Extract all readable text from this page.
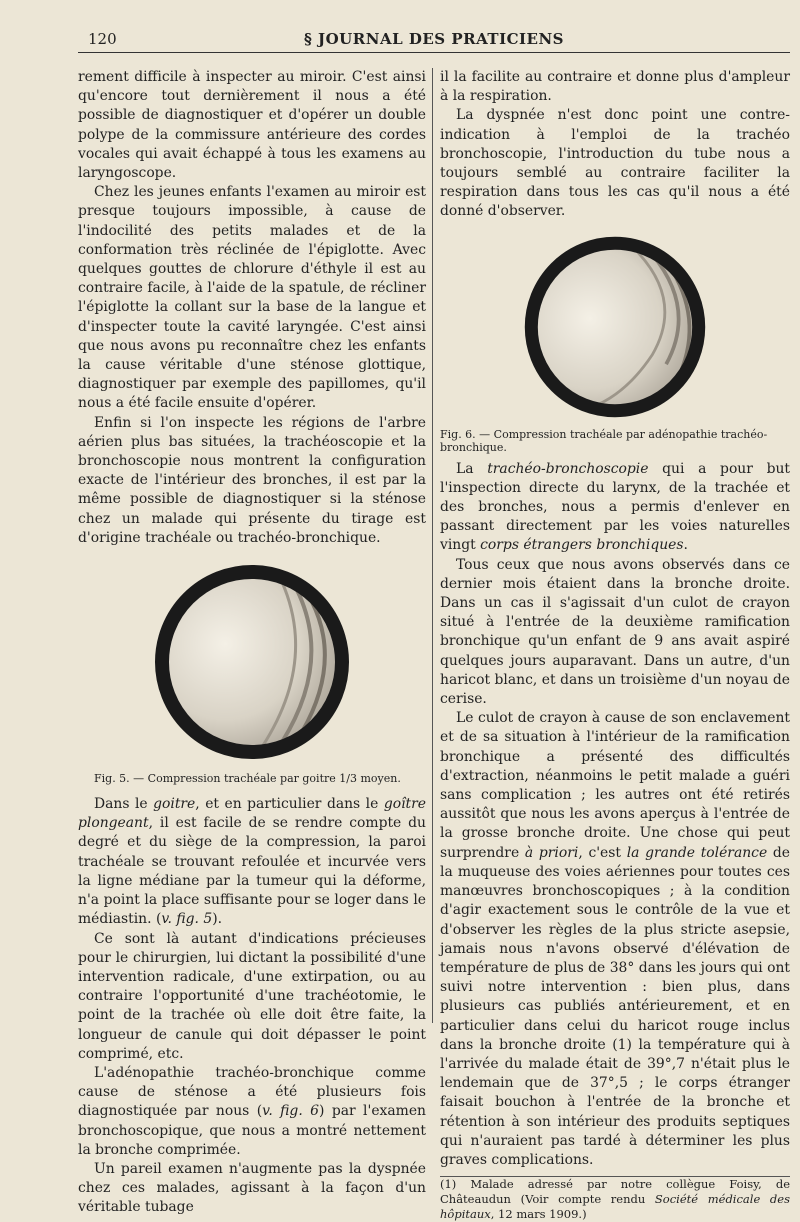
120	§ JOURNAL DES PRATICIENS

rement difficile à inspecter au miroir. C'est ainsi qu'encore tout dernièrement il nous a été possible de diagnostiquer et d'opérer un double polype de la commissure antérieure des cordes vocales qui avait échappé à tous les examens au laryngoscope.

Chez les jeunes enfants l'examen au miroir est presque toujours impossible, à cause de l'indocilité des petits malades et de la conformation très réclinée de l'épiglotte. Avec quelques gouttes de chlorure d'éthyle il est au contraire facile, à l'aide de la spatule, de récliner l'épiglotte la collant sur la base de la langue et d'inspecter toute la cavité laryngée. C'est ainsi que nous avons pu reconnaître chez les enfants la cause véritable d'une sténose glottique, diagnostiquer par exemple des papillomes, qu'il nous a été facile ensuite d'opérer.

Enfin si l'on inspecte les régions de l'arbre aérien plus bas situées, la trachéoscopie et la bronchoscopie nous montrent la configuration exacte de l'intérieur des bronches, il est par la même possible de diagnostiquer si la sténose chez un malade qui présente du tirage est d'origine trachéale ou trachéo-bronchique.

Fig. 5. — Compression trachéale par goitre 1/3 moyen.

Dans le goitre, et en particulier dans le goître plongeant, il est facile de se rendre compte du degré et du siège de la compression, la paroi trachéale se trouvant refoulée et incurvée vers la ligne médiane par la tumeur qui la déforme, n'a point la place suffisante pour se loger dans le médiastin. (v. fig. 5).

Ce sont là autant d'indications précieuses pour le chirurgien, lui dictant la possibilité d'une intervention radicale, d'une extirpation, ou au contraire l'opportunité d'une trachéotomie, le point de la trachée où elle doit être faite, la longueur de canule qui doit dépasser le point comprimé, etc.

L'adénopathie trachéo-bronchique comme cause de sténose a été plusieurs fois diagnostiquée par nous (v. fig. 6) par l'examen bronchoscopique, que nous a montré nettement la bronche comprimée.

Un pareil examen n'augmente pas la dyspnée chez ces malades, agissant à la façon d'un véritable tubage

il la facilite au contraire et donne plus d'ampleur à la respiration.

La dyspnée n'est donc point une contre-indication à l'emploi de la trachéo bronchoscopie, l'introduction du tube nous a toujours semblé au contraire faciliter la respiration dans tous les cas qu'il nous a été donné d'observer.

Fig. 6. — Compression trachéale par adénopathie trachéo-
bronchique.

La trachéo-bronchoscopie qui a pour but l'inspection directe du larynx, de la trachée et des bronches, nous a permis d'enlever en passant directement par les voies naturelles vingt corps étrangers bronchiques.

Tous ceux que nous avons observés dans ce dernier mois étaient dans la bronche droite. Dans un cas il s'agissait d'un culot de crayon situé à l'entrée de la deuxième ramification bronchique qu'un enfant de 9 ans avait aspiré quelques jours auparavant. Dans un autre, d'un haricot blanc, et dans un troisième d'un noyau de cerise.

Le culot de crayon à cause de son enclavement et de sa situation à l'intérieur de la ramification bronchique a présenté des difficultés d'extraction, néanmoins le petit malade a guéri sans complication ; les autres ont été retirés aussitôt que nous les avons aperçus à l'entrée de la grosse bronche droite. Une chose qui peut surprendre à priori, c'est la grande tolérance de la muqueuse des voies aériennes pour toutes ces manœuvres bronchoscopiques ; à la condition d'agir exactement sous le contrôle de la vue et d'observer les règles de la plus stricte asepsie, jamais nous n'avons observé d'élévation de température de plus de 38° dans les jours qui ont suivi notre intervention : bien plus, dans plusieurs cas publiés antérieurement, et en particulier dans celui du haricot rouge inclus dans la bronche droite (1) la température qui à l'arrivée du malade était de 39°,7 n'était plus le lendemain que de 37°,5 ; le corps étranger faisait bouchon à l'entrée de la bronche et rétention à son intérieur des produits septiques qui n'auraient pas tardé à déterminer les plus graves complications.

(1) Malade adressé par notre collègue Foisy, de Châteaudun (Voir compte rendu Société médicale des hôpitaux, 12 mars 1909.)
